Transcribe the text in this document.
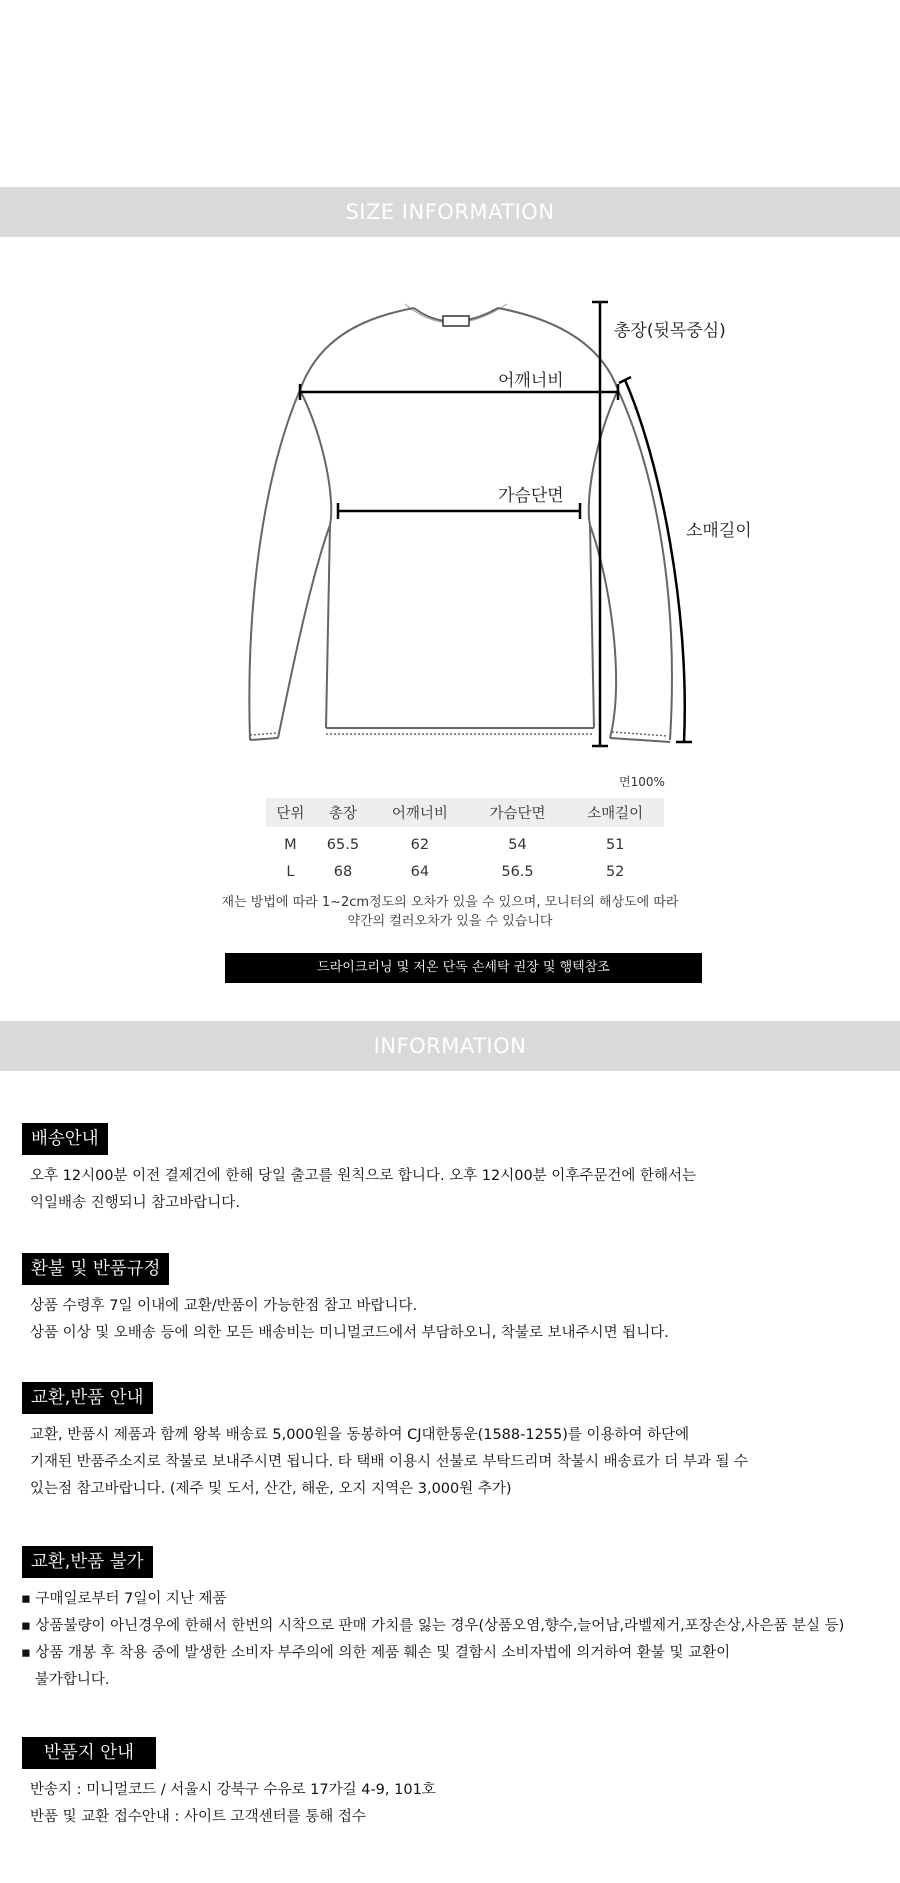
SIZE INFORMATION
총장(뒷목중심)
어깨너비
가슴단면
소매길이
면100%
단위	총장	어깨너비	가슴단면	소매길이
M	65.5	62	54	51
L	68	64	56.5	52
재는 방법에 따라 1~2cm정도의 오차가 있을 수 있으며, 모니터의 해상도에 따라
약간의 컬러오차가 있을 수 있습니다
드라이크리닝 및 저온 단독 손세탁 권장 및 행텍참조
INFORMATION
배송안내
오후 12시00분 이전 결제건에 한해 당일 출고를 원칙으로 합니다. 오후 12시00분 이후주문건에 한해서는
익일배송 진행되니 참고바랍니다.
환불 및 반품규정
상품 수령후 7일 이내에 교환/반품이 가능한점 참고 바랍니다.
상품 이상 및 오배송 등에 의한 모든 배송비는 미니멀코드에서 부담하오니, 착불로 보내주시면 됩니다.
교환,반품 안내
교환, 반품시 제품과 함께 왕복 배송료 5,000원을 동봉하여 CJ대한통운(1588-1255)를 이용하여 하단에
기재된 반품주소지로 착불로 보내주시면 됩니다. 타 택배 이용시 선불로 부탁드리며 착불시 배송료가 더 부과 될 수
있는점 참고바랍니다. (제주 및 도서, 산간, 해운, 오지 지역은 3,000원 추가)
교환,반품 불가
▪ 구매일로부터 7일이 지난 제품
▪ 상품불량이 아닌경우에 한해서 한번의 시착으로 판매 가치를 잃는 경우(상품오염,향수,늘어남,라벨제거,포장손상,사은품 분실 등)
▪ 상품 개봉 후 착용 중에 발생한 소비자 부주의에 의한 제품 훼손 및 결함시 소비자법에 의거하여 환불 및 교환이
불가합니다.
반품지 안내
반송지 : 미니멀코드 / 서울시 강북구 수유로 17가길 4-9, 101호
반품 및 교환 접수안내 : 사이트 고객센터를 통해 접수
